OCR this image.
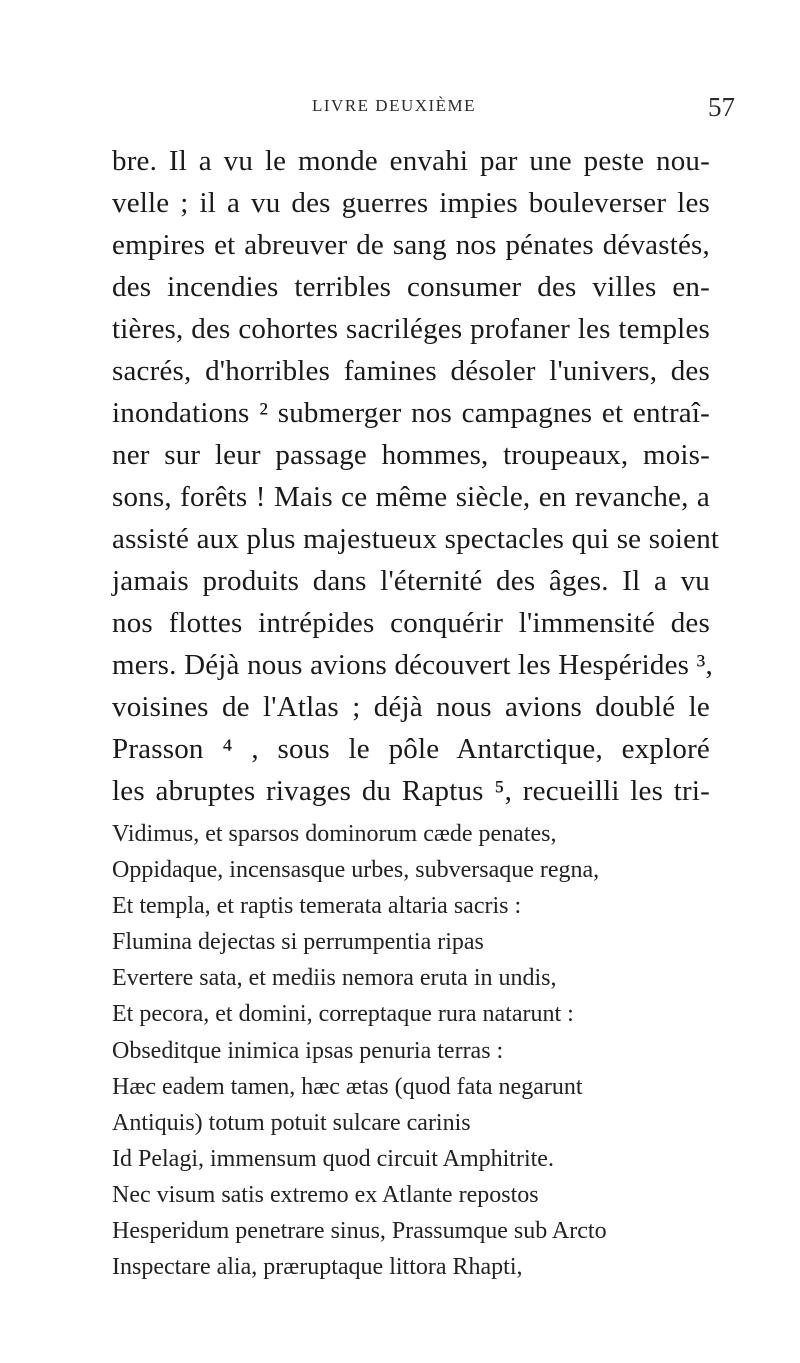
LIVRE DEUXIÈME	57
bre. Il a vu le monde envahi par une peste nou-
velle ; il a vu des guerres impies bouleverser les
empires et abreuver de sang nos pénates dévastés,
des incendies terribles consumer des villes en-
tières, des cohortes sacriléges profaner les temples
sacrés, d'horribles famines désoler l'univers, des
inondations ² submerger nos campagnes et entraî-
ner sur leur passage hommes, troupeaux, mois-
sons, forêts ! Mais ce même siècle, en revanche, a
assisté aux plus majestueux spectacles qui se soient
jamais produits dans l'éternité des âges. Il a vu
nos flottes intrépides conquérir l'immensité des
mers. Déjà nous avions découvert les Hespérides ³,
voisines de l'Atlas ; déjà nous avions doublé le
Prasson ⁴ , sous le pôle Antarctique, exploré
les abruptes rivages du Raptus ⁵, recueilli les tri-
Vidimus, et sparsos dominorum cæde penates,
Oppidaque, incensasque urbes, subversaque regna,
Et templa, et raptis temerata altaria sacris :
Flumina dejectas si perrumpentia ripas
Evertere sata, et mediis nemora eruta in undis,
Et pecora, et domini, correptaque rura natarunt :
Obseditque inimica ipsas penuria terras :
Hæc eadem tamen, hæc ætas (quod fata negarunt
Antiquis) totum potuit sulcare carinis
Id Pelagi, immensum quod circuit Amphitrite.
Nec visum satis extremo ex Atlante repostos
Hesperidum penetrare sinus, Prassumque sub Arcto
Inspectare alia, præruptaque littora Rhapti,
